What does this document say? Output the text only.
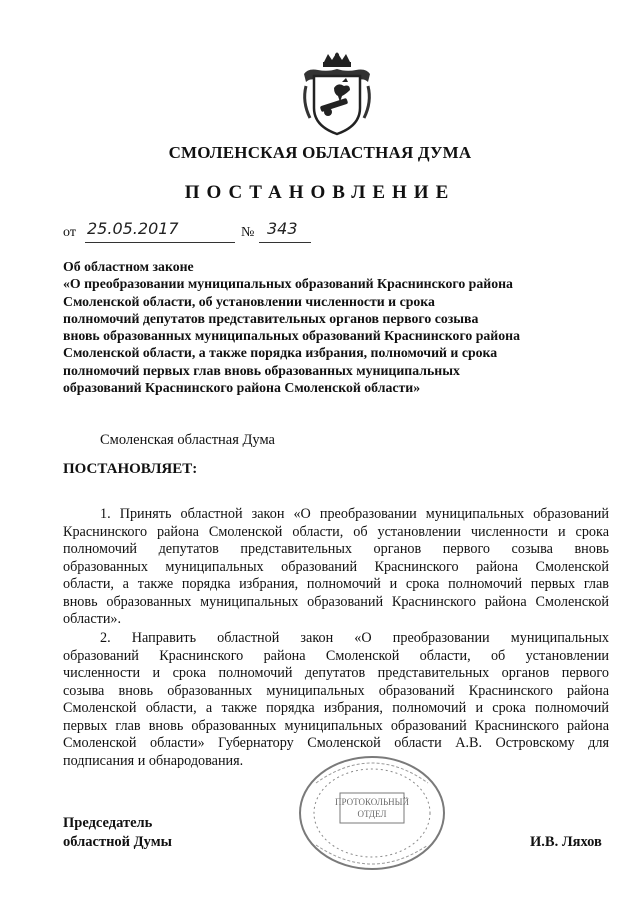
СМОЛЕНСКАЯ ОБЛАСТНАЯ ДУМА
ПОСТАНОВЛЕНИЕ
от 25.05.2017	№ 343
Об областном законе
«О преобразовании муниципальных образований Краснинского района
Смоленской области, об установлении численности и срока
полномочий депутатов представительных органов первого созыва
вновь образованных муниципальных образований Краснинского района
Смоленской области, а также порядка избрания, полномочий и срока
полномочий первых глав вновь образованных муниципальных
образований Краснинского района Смоленской области»
Смоленская областная Дума
ПОСТАНОВЛЯЕТ:
1. Принять областной закон «О преобразовании муниципальных образований
Краснинского района Смоленской области, об установлении численности и срока
полномочий депутатов представительных органов первого созыва вновь
образованных муниципальных образований Краснинского района Смоленской
области, а также порядка избрания, полномочий и срока полномочий первых глав
вновь образованных муниципальных образований Краснинского района Смоленской
области».
2. Направить областной закон «О преобразовании муниципальных
образований Краснинского района Смоленской области, об установлении
численности и срока полномочий депутатов представительных органов первого
созыва вновь образованных муниципальных образований Краснинского района
Смоленской области, а также порядка избрания, полномочий и срока полномочий
первых глав вновь образованных муниципальных образований Краснинского района
Смоленской области» Губернатору Смоленской области А.В. Островскому для
подписания и обнародования.
ПРОТОКОЛЬНЫЙ
ОТДЕЛ
Председатель
областной Думы	И.В. Ляхов
